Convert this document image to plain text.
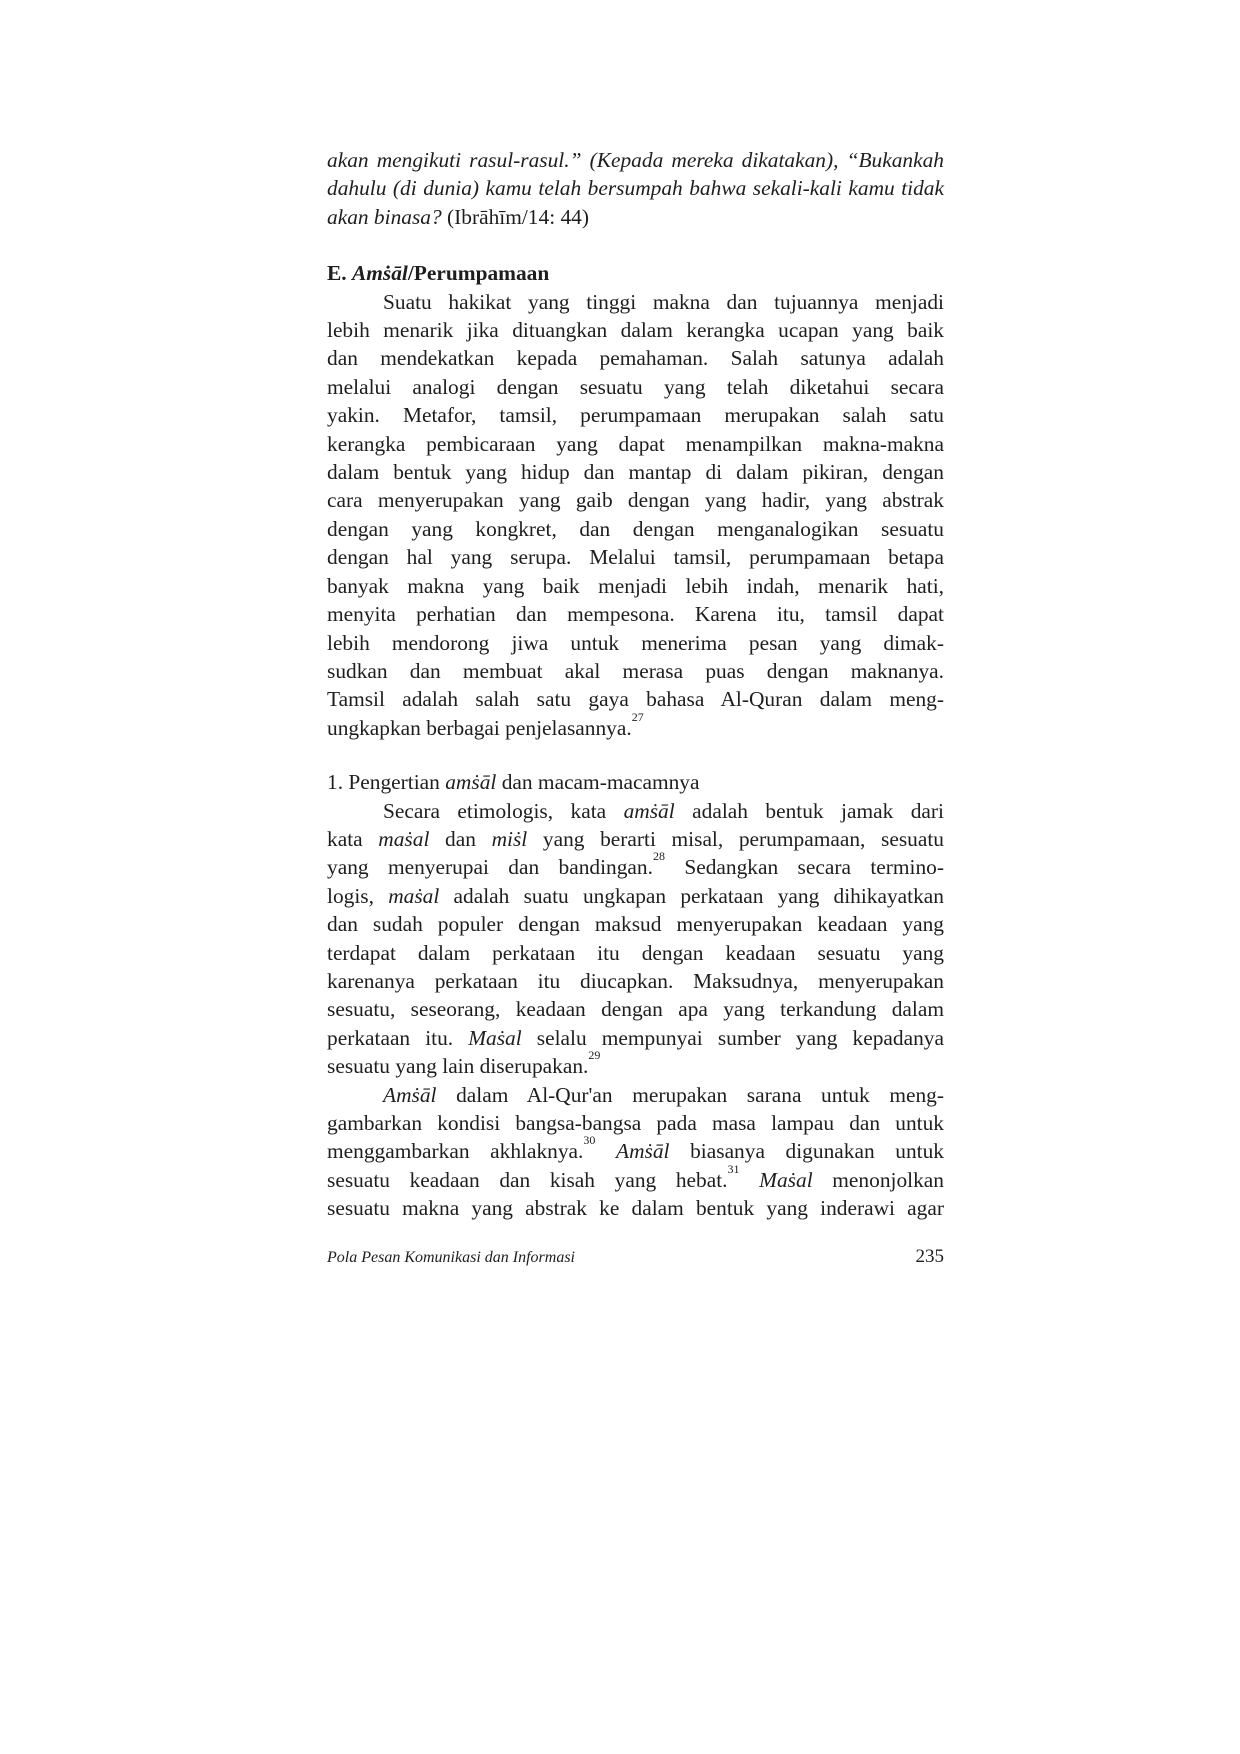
akan mengikuti rasul-rasul.” (Kepada mereka dikatakan), “Bukankah

dahulu (di dunia) kamu telah bersumpah bahwa sekali-kali kamu tidak

akan binasa? (Ibrāhīm/14: 44)

E. Amṡāl/Perumpamaan

Suatu hakikat yang tinggi makna dan tujuannya menjadi

lebih menarik jika dituangkan dalam kerangka ucapan yang baik

dan mendekatkan kepada pemahaman. Salah satunya adalah

melalui analogi dengan sesuatu yang telah diketahui secara

yakin. Metafor, tamsil, perumpamaan merupakan salah satu

kerangka pembicaraan yang dapat menampilkan makna-makna

dalam bentuk yang hidup dan mantap di dalam pikiran, dengan

cara menyerupakan yang gaib dengan yang hadir, yang abstrak

dengan yang kongkret, dan dengan menganalogikan sesuatu

dengan hal yang serupa. Melalui tamsil, perumpamaan betapa

banyak makna yang baik menjadi lebih indah, menarik hati,

menyita perhatian dan mempesona. Karena itu, tamsil dapat

lebih mendorong jiwa untuk menerima pesan yang dimak-

sudkan dan membuat akal merasa puas dengan maknanya.

Tamsil adalah salah satu gaya bahasa Al-Quran dalam meng-

ungkapkan berbagai penjelasannya.$^{27}$

1. Pengertian amṡāl dan macam-macamnya

Secara etimologis, kata amṡāl adalah bentuk jamak dari

kata maṡal dan miṡl yang berarti misal, perumpamaan, sesuatu

yang menyerupai dan bandingan.$^{28}$ Sedangkan secara termino-

logis, maṡal adalah suatu ungkapan perkataan yang dihikayatkan

dan sudah populer dengan maksud menyerupakan keadaan yang

terdapat dalam perkataan itu dengan keadaan sesuatu yang

karenanya perkataan itu diucapkan. Maksudnya, menyerupakan

sesuatu, seseorang, keadaan dengan apa yang terkandung dalam

perkataan itu. Maṡal selalu mempunyai sumber yang kepadanya

sesuatu yang lain diserupakan.$^{29}$

Amṡāl dalam Al-Qur'an merupakan sarana untuk meng-

gambarkan kondisi bangsa-bangsa pada masa lampau dan untuk

menggambarkan akhlaknya.$^{30}$ Amṡāl biasanya digunakan untuk

sesuatu keadaan dan kisah yang hebat.$^{31}$ Maṡal menonjolkan

sesuatu makna yang abstrak ke dalam bentuk yang inderawi agar

Pola Pesan Komunikasi dan Informasi	235
